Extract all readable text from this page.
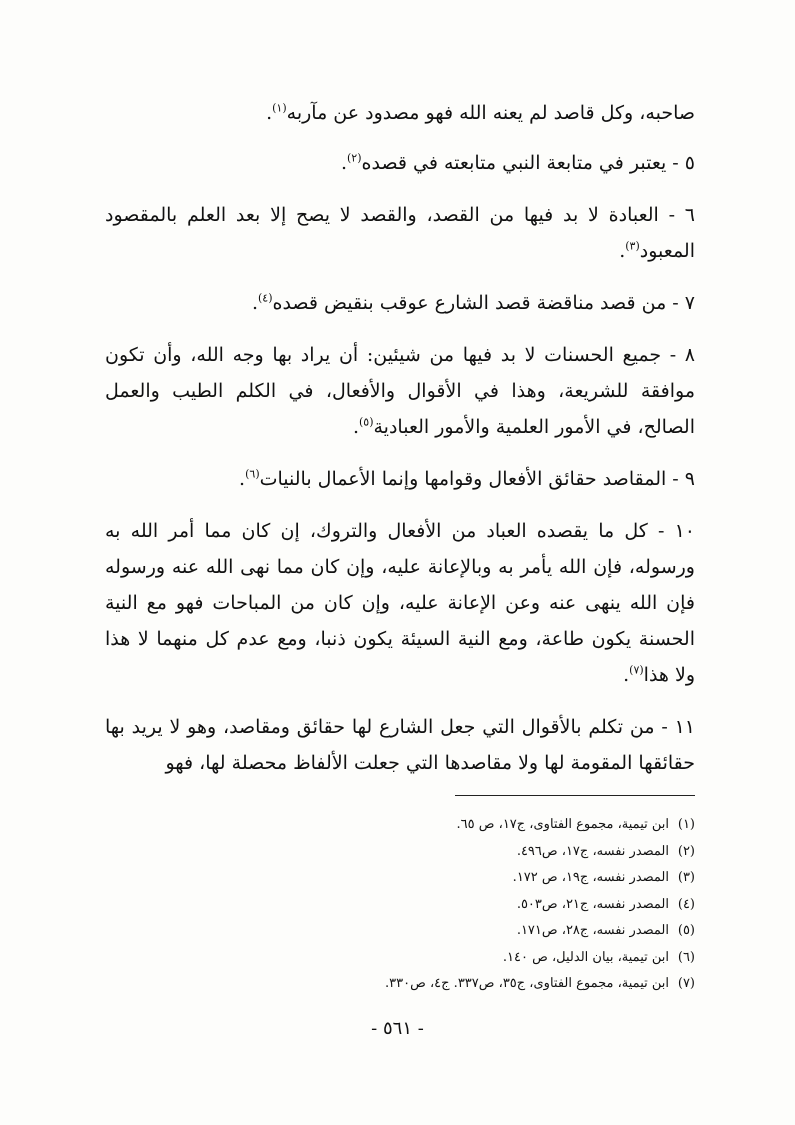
صاحبه، وكل قاصد لم يعنه الله فهو مصدود عن مآربه$^{(١)}$.

٥ - يعتبر في متابعة النبي متابعته في قصده$^{(٢)}$.

٦ - العبادة لا بد فيها من القصد، والقصد لا يصح إلا بعد العلم بالمقصود المعبود$^{(٣)}$.

٧ - من قصد مناقضة قصد الشارع عوقب بنقيض قصده$^{(٤)}$.

٨ - جميع الحسنات لا بد فيها من شيئين: أن يراد بها وجه الله، وأن تكون موافقة للشريعة، وهذا في الأقوال والأفعال، في الكلم الطيب والعمل الصالح، في الأمور العلمية والأمور العبادية$^{(٥)}$.

٩ - المقاصد حقائق الأفعال وقوامها وإنما الأعمال بالنيات$^{(٦)}$.

١٠ - كل ما يقصده العباد من الأفعال والتروك، إن كان مما أمر الله به ورسوله، فإن الله يأمر به وبالإعانة عليه، وإن كان مما نهى الله عنه ورسوله فإن الله ينهى عنه وعن الإعانة عليه، وإن كان من المباحات فهو مع النية الحسنة يكون طاعة، ومع النية السيئة يكون ذنبا، ومع عدم كل منهما لا هذا ولا هذا$^{(٧)}$.

١١ - من تكلم بالأقوال التي جعل الشارع لها حقائق ومقاصد، وهو لا يريد بها حقائقها المقومة لها ولا مقاصدها التي جعلت الألفاظ محصلة لها، فهو

(١)ابن تيمية، مجموع الفتاوى، ج١٧، ص ٦٥.
(٢)المصدر نفسه، ج١٧، ص٤٩٦.
(٣)المصدر نفسه، ج١٩، ص ١٧٢.
(٤)المصدر نفسه، ج٢١، ص٥٠٣.
(٥)المصدر نفسه، ج٢٨، ص١٧١.
(٦)ابن تيمية، بيان الدليل، ص ١٤٠.
(٧)ابن تيمية، مجموع الفتاوى، ج٣٥، ص٣٣٧. ج٤، ص٣٣٠.
- ٥٦١ -
